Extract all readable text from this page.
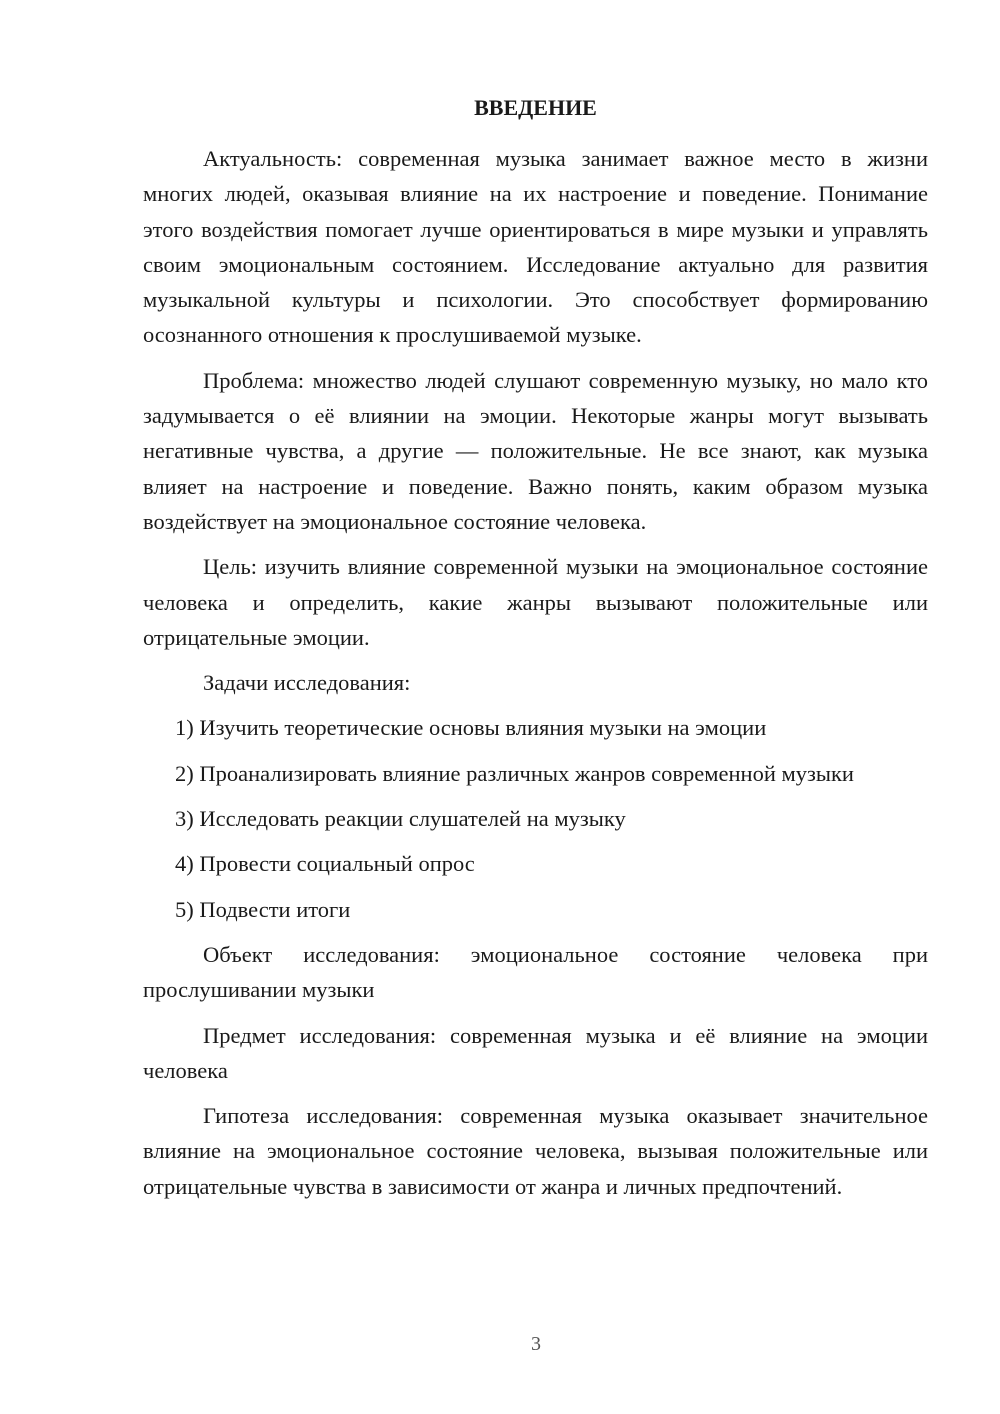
ВВЕДЕНИЕ

Актуальность: современная музыка занимает важное место в жизни многих людей, оказывая влияние на их настроение и поведение. Понимание этого воздействия помогает лучше ориентироваться в мире музыки и управлять своим эмоциональным состоянием. Исследование актуально для развития музыкальной культуры и психологии. Это способствует формированию осознанного отношения к прослушиваемой музыке.

Проблема: множество людей слушают современную музыку, но мало кто задумывается о её влиянии на эмоции. Некоторые жанры могут вызывать негативные чувства, а другие — положительные. Не все знают, как музыка влияет на настроение и поведение. Важно понять, каким образом музыка воздействует на эмоциональное состояние человека.

Цель: изучить влияние современной музыки на эмоциональное состояние человека и определить, какие жанры вызывают положительные или отрицательные эмоции.

Задачи исследования:

1) Изучить теоретические основы влияния музыки на эмоции
2) Проанализировать влияние различных жанров современной музыки
3) Исследовать реакции слушателей на музыку
4) Провести социальный опрос
5) Подвести итоги

Объект исследования: эмоциональное состояние человека при прослушивании музыки

Предмет исследования: современная музыка и её влияние на эмоции человека

Гипотеза исследования: современная музыка оказывает значительное влияние на эмоциональное состояние человека, вызывая положительные или отрицательные чувства в зависимости от жанра и личных предпочтений.

3
